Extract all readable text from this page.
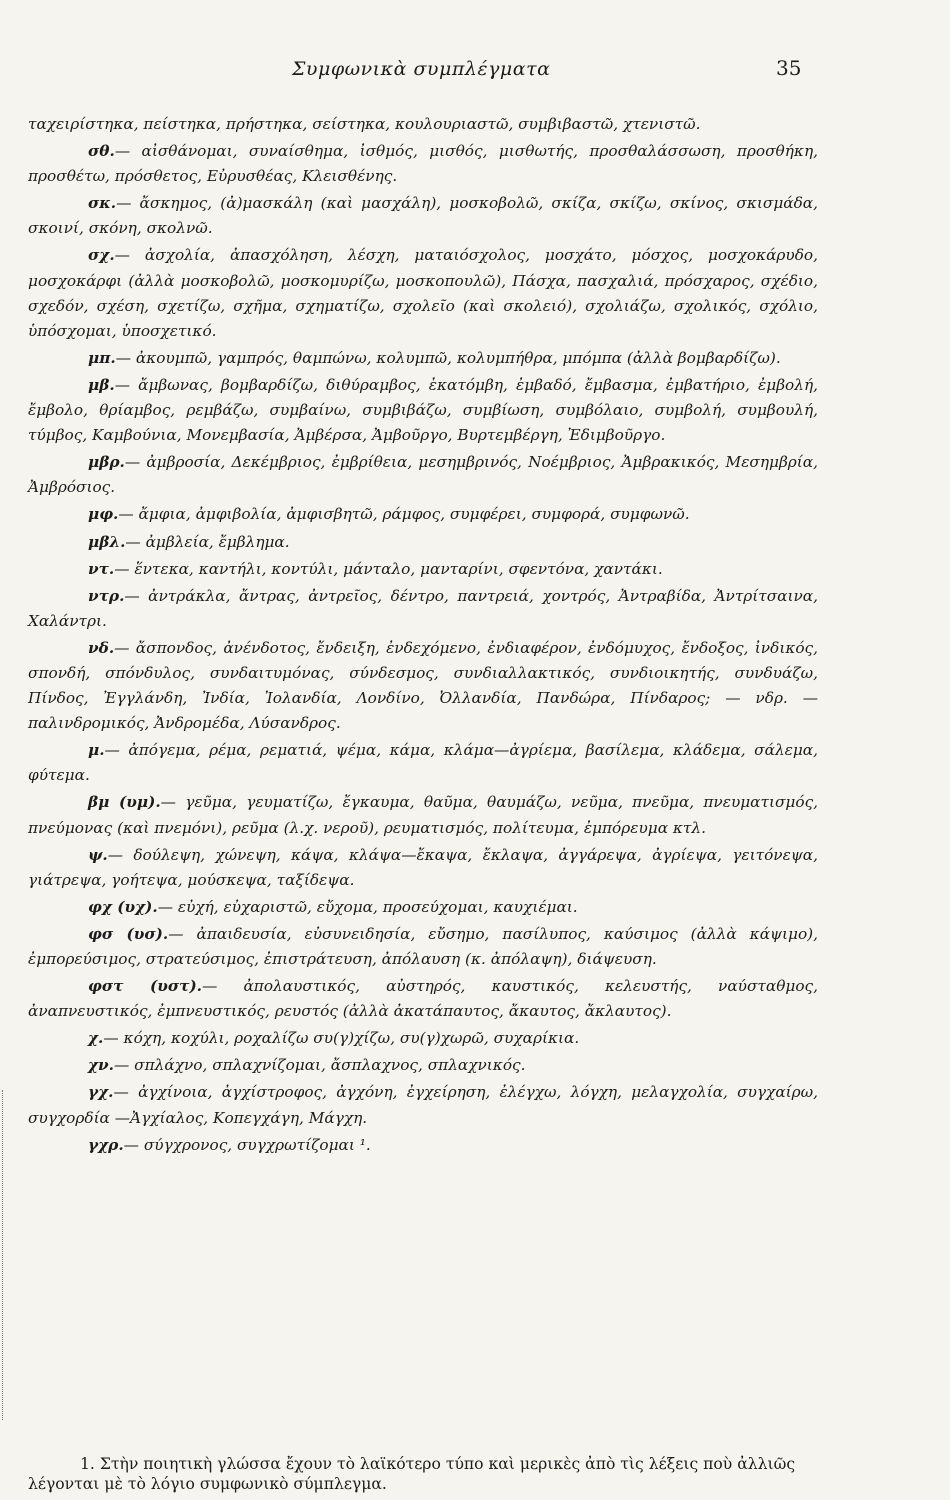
Συμφωνικὰ συμπλέγματα	35

ταχειρίστηκα, πείστηκα, πρήστηκα, σείστηκα, κουλουριαστῶ, συμβιβαστῶ, χτενιστῶ.

σθ.— αἰσθάνομαι, συναίσθημα, ἰσθμός, μισθός, μισθωτής, προσθαλάσσωση, προσθήκη, προσθέτω, πρόσθετος, Εὐρυσθέας, Κλεισθένης.

σκ.— ἄσκημος, (ἀ)μασκάλη (καὶ μασχάλη), μοσκοβολῶ, σκίζα, σκίζω, σκίνος, σκισμάδα, σκοινί, σκόνη, σκολνῶ.

σχ.— ἀσχολία, ἀπασχόληση, λέσχη, ματαιόσχολος, μοσχάτο, μόσχος, μοσχοκάρυδο, μοσχοκάρφι (ἀλλὰ μοσκοβολῶ, μοσκομυρίζω, μοσκοπουλῶ), Πάσχα, πασχαλιά, πρόσχαρος, σχέδιο, σχεδόν, σχέση, σχετίζω, σχῆμα, σχηματίζω, σχολεῖο (καὶ σκολειό), σχολιάζω, σχολικός, σχόλιο, ὑπόσχομαι, ὑποσχετικό.

μπ.— ἀκουμπῶ, γαμπρός, θαμπώνω, κολυμπῶ, κολυμπήθρα, μπόμπα (ἀλλὰ βομβαρδίζω).

μβ.— ἄμβωνας, βομβαρδίζω, διθύραμβος, ἑκατόμβη, ἐμβαδό, ἔμβασμα, ἐμβατήριο, ἐμβολή, ἔμβολο, θρίαμβος, ρεμβάζω, συμβαίνω, συμβιβάζω, συμβίωση, συμβόλαιο, συμβολή, συμβουλή, τύμβος, Καμβούνια, Μονεμβασία, Ἀμβέρσα, Ἀμβοῦργο, Βυρτεμβέργη, Ἐδιμβοῦργο.

μβρ.— ἀμβροσία, Δεκέμβριος, ἐμβρίθεια, μεσημβρινός, Νοέμβριος, Ἀμβρακικός, Μεσημβρία, Ἀμβρόσιος.

μφ.— ἄμφια, ἀμφιβολία, ἀμφισβητῶ, ράμφος, συμφέρει, συμφορά, συμφωνῶ.

μβλ.— ἀμβλεία, ἔμβλημα.

ντ.— ἕντεκα, καντήλι, κοντύλι, μάνταλο, μανταρίνι, σφεντόνα, χαντάκι.

ντρ.— ἀντράκλα, ἄντρας, ἀντρεῖος, δέντρο, παντρειά, χοντρός, Ἀντραβίδα, Ἀντρίτσαινα, Χαλάντρι.

νδ.— ἄσπονδος, ἀνένδοτος, ἔνδειξη, ἐνδεχόμενο, ἐνδιαφέρον, ἐνδόμυχος, ἔνδοξος, ἰνδικός, σπονδή, σπόνδυλος, συνδαιτυμόνας, σύνδεσμος, συνδιαλλακτικός, συνδιοικητής, συνδυάζω, Πίνδος, Ἐγγλάνδη, Ἰνδία, Ἰολανδία, Λονδίνο, Ὀλλανδία, Πανδώρα, Πίνδαρος; — νδρ. — παλινδρομικός, Ἀνδρομέδα, Λύσανδρος.

μ.— ἀπόγεμα, ρέμα, ρεματιά, ψέμα, κάμα, κλάμα—ἀγρίεμα, βασίλεμα, κλάδεμα, σάλεμα, φύτεμα.

βμ (υμ).— γεῦμα, γευματίζω, ἔγκαυμα, θαῦμα, θαυμάζω, νεῦμα, πνεῦμα, πνευματισμός, πνεύμονας (καὶ πνεμόνι), ρεῦμα (λ.χ. νεροῦ), ρευματισμός, πολίτευμα, ἐμπόρευμα κτλ.

ψ.— δούλεψη, χώνεψη, κάψα, κλάψα—ἔκαψα, ἔκλαψα, ἀγγάρεψα, ἀγρίεψα, γειτόνεψα, γιάτρεψα, γοήτεψα, μούσκεψα, ταξίδεψα.

φχ (υχ).— εὐχή, εὐχαριστῶ, εὔχομα, προσεύχομαι, καυχιέμαι.

φσ (υσ).— ἀπαιδευσία, εὐσυνειδησία, εὔσημο, πασίλυπος, καύσιμος (ἀλλὰ κάψιμο), ἐμπορεύσιμος, στρατεύσιμος, ἐπιστράτευση, ἀπόλαυση (κ. ἀπόλαψη), διάψευση.

φστ (υστ).— ἀπολαυστικός, αὐστηρός, καυστικός, κελευστής, ναύσταθμος, ἀναπνευστικός, ἐμπνευστικός, ρευστός (ἀλλὰ ἀκατάπαυτος, ἄκαυτος, ἄκλαυτος).

χ.— κόχη, κοχύλι, ροχαλίζω συ(γ)χίζω, συ(γ)χωρῶ, συχαρίκια.

χν.— σπλάχνο, σπλαχνίζομαι, ἄσπλαχνος, σπλαχνικός.

γχ.— ἀγχίνοια, ἀγχίστροφος, ἀγχόνη, ἐγχείρηση, ἐλέγχω, λόγχη, μελαγχολία, συγχαίρω, συγχορδία —Ἀγχίαλος, Κοπεγχάγη, Μάγχη.

γχρ.— σύγχρονος, συγχρωτίζομαι ¹.

1. Στὴν ποιητικὴ γλώσσα ἔχουν τὸ λαϊκότερο τύπο καὶ μερικὲς ἀπὸ τὶς λέξεις ποὺ ἀλλιῶς λέγονται μὲ τὸ λόγιο συμφωνικὸ σύμπλεγμα.
